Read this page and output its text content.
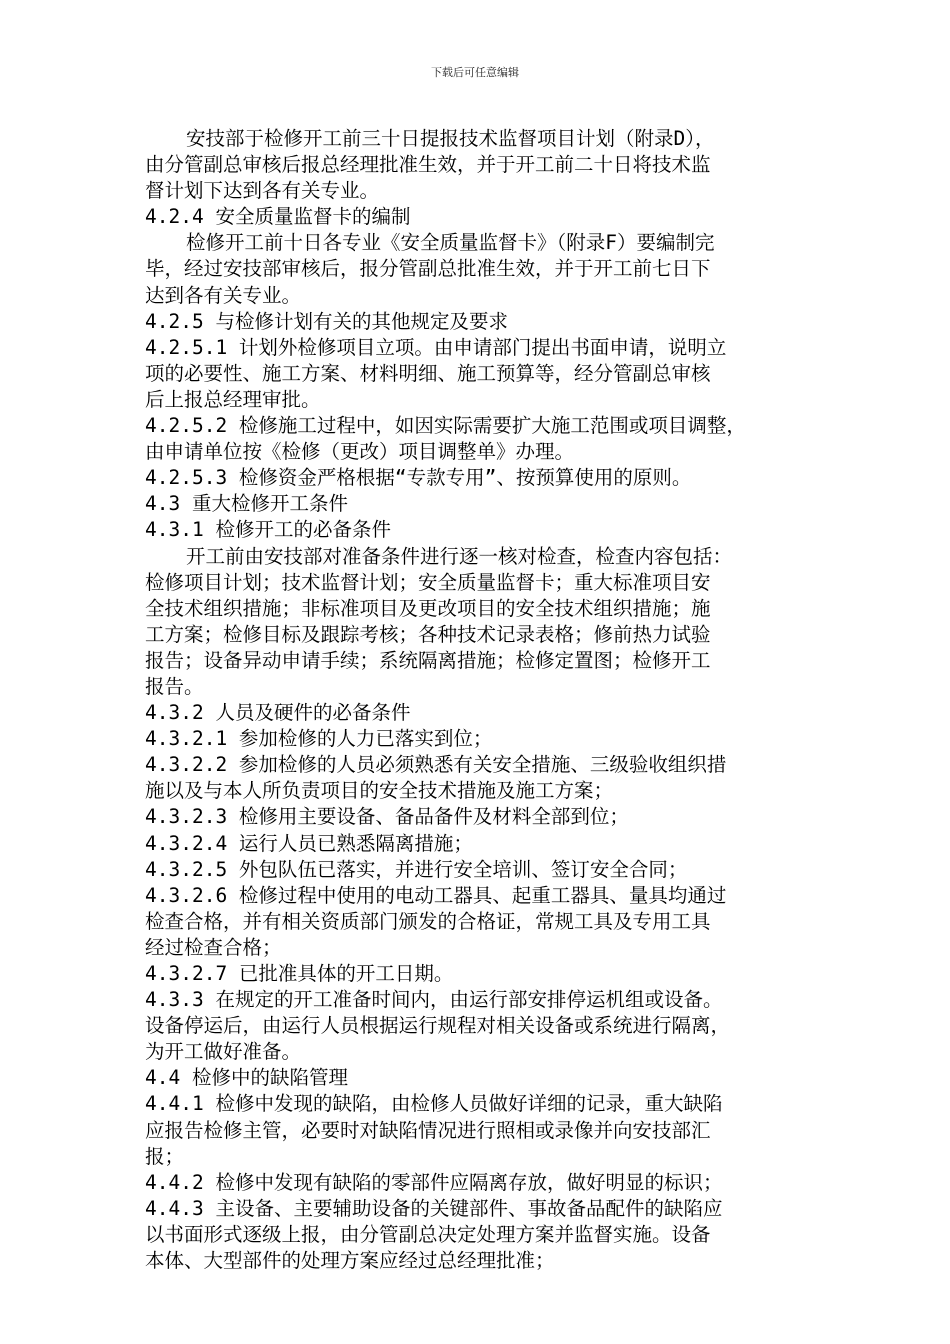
下载后可任意编辑

安技部于检修开工前三十日提报技术监督项目计划（附录D），

由分管副总审核后报总经理批准生效，并于开工前二十日将技术监

督计划下达到各有关专业。

4.2.4 安全质量监督卡的编制

检修开工前十日各专业《安全质量监督卡》（附录F）要编制完

毕，经过安技部审核后，报分管副总批准生效，并于开工前七日下

达到各有关专业。

4.2.5 与检修计划有关的其他规定及要求

4.2.5.1 计划外检修项目立项。由申请部门提出书面申请，说明立

项的必要性、施工方案、材料明细、施工预算等，经分管副总审核

后上报总经理审批。

4.2.5.2 检修施工过程中，如因实际需要扩大施工范围或项目调整，

由申请单位按《检修（更改）项目调整单》办理。

4.2.5.3 检修资金严格根据“专款专用”、按预算使用的原则。

4.3 重大检修开工条件

4.3.1 检修开工的必备条件

开工前由安技部对准备条件进行逐一核对检查，检查内容包括：

检修项目计划；技术监督计划；安全质量监督卡；重大标准项目安

全技术组织措施；非标准项目及更改项目的安全技术组织措施；施

工方案；检修目标及跟踪考核；各种技术记录表格；修前热力试验

报告；设备异动申请手续；系统隔离措施；检修定置图；检修开工

报告。

4.3.2 人员及硬件的必备条件

4.3.2.1 参加检修的人力已落实到位；

4.3.2.2 参加检修的人员必须熟悉有关安全措施、三级验收组织措

施以及与本人所负责项目的安全技术措施及施工方案；

4.3.2.3 检修用主要设备、备品备件及材料全部到位；

4.3.2.4 运行人员已熟悉隔离措施；

4.3.2.5 外包队伍已落实，并进行安全培训、签订安全合同；

4.3.2.6 检修过程中使用的电动工器具、起重工器具、量具均通过

检查合格，并有相关资质部门颁发的合格证，常规工具及专用工具

经过检查合格；

4.3.2.7 已批准具体的开工日期。

4.3.3 在规定的开工准备时间内，由运行部安排停运机组或设备。

设备停运后，由运行人员根据运行规程对相关设备或系统进行隔离，

为开工做好准备。

4.4 检修中的缺陷管理

4.4.1 检修中发现的缺陷，由检修人员做好详细的记录，重大缺陷

应报告检修主管，必要时对缺陷情况进行照相或录像并向安技部汇

报；

4.4.2 检修中发现有缺陷的零部件应隔离存放，做好明显的标识；

4.4.3 主设备、主要辅助设备的关键部件、事故备品配件的缺陷应

以书面形式逐级上报，由分管副总决定处理方案并监督实施。设备

本体、大型部件的处理方案应经过总经理批准；
